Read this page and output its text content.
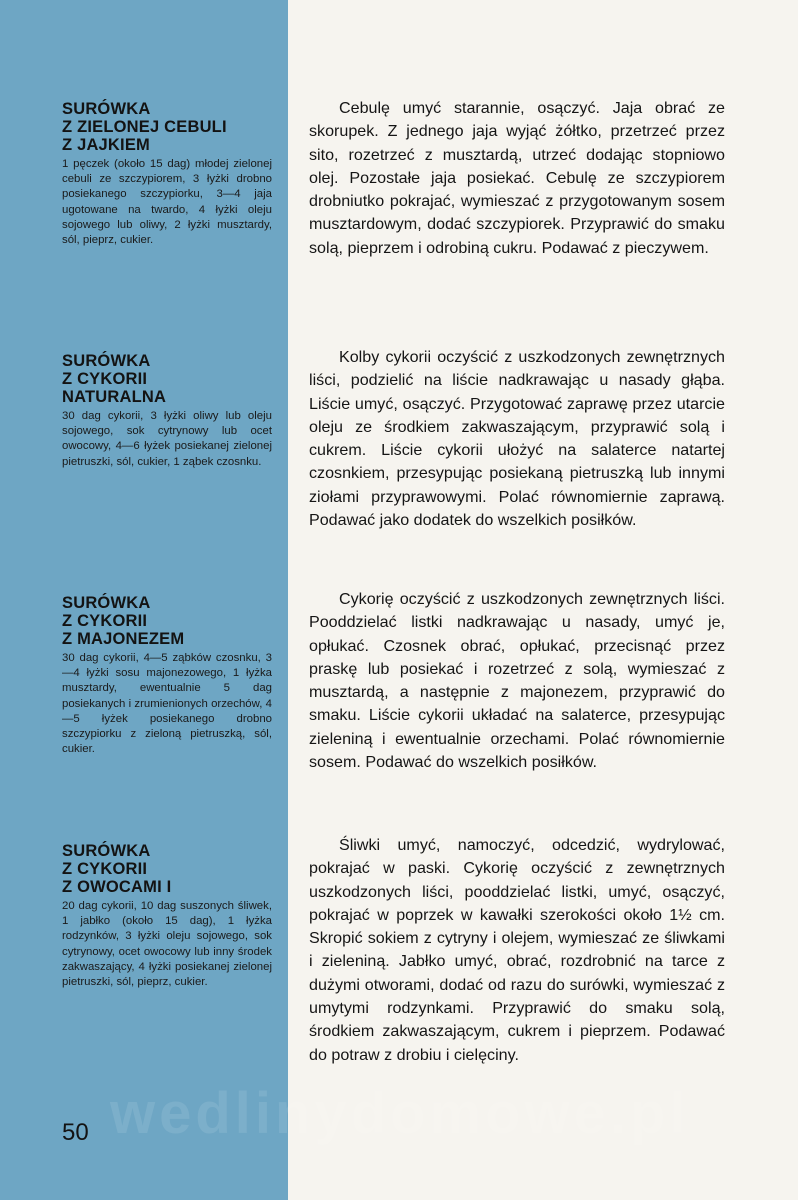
SURÓWKA
Z ZIELONEJ CEBULI
Z JAJKIEM

1 pęczek (około 15 dag) młodej zielonej cebuli ze szczypiorem, 3 łyżki drobno posiekanego szczypiorku, 3—4 jaja ugotowane na twardo, 4 łyżki oleju sojowego lub oliwy, 2 łyżki musztardy, sól, pieprz, cukier.

Cebulę umyć starannie, osączyć. Jaja obrać ze skorupek. Z jednego jaja wyjąć żółtko, przetrzeć przez sito, rozetrzeć z musztardą, utrzeć dodając stopniowo olej. Pozostałe jaja posiekać. Cebulę ze szczypiorem drobniutko pokrajać, wymieszać z przygotowanym sosem musztardowym, dodać szczypiorek. Przyprawić do smaku solą, pieprzem i odrobiną cukru. Podawać z pieczywem.

SURÓWKA
Z CYKORII
NATURALNA

30 dag cykorii, 3 łyżki oliwy lub oleju sojowego, sok cytrynowy lub ocet owocowy, 4—6 łyżek posiekanej zielonej pietruszki, sól, cukier, 1 ząbek czosnku.

Kolby cykorii oczyścić z uszkodzonych zewnętrznych liści, podzielić na liście nadkrawając u nasady głąba. Liście umyć, osączyć. Przygotować zaprawę przez utarcie oleju ze środkiem zakwaszającym, przyprawić solą i cukrem. Liście cykorii ułożyć na salaterce natartej czosnkiem, przesypując posiekaną pietruszką lub innymi ziołami przyprawowymi. Polać równomiernie zaprawą. Podawać jako dodatek do wszelkich posiłków.

SURÓWKA
Z CYKORII
Z MAJONEZEM

30 dag cykorii, 4—5 ząbków czosnku, 3—4 łyżki sosu majonezowego, 1 łyżka musztardy, ewentualnie 5 dag posiekanych i zrumienionych orzechów, 4—5 łyżek posiekanego drobno szczypiorku z zieloną pietruszką, sól, cukier.

Cykorię oczyścić z uszkodzonych zewnętrznych liści. Pooddzielać listki nadkrawając u nasady, umyć je, opłukać. Czosnek obrać, opłukać, przecisnąć przez praskę lub posiekać i rozetrzeć z solą, wymieszać z musztardą, a następnie z majonezem, przyprawić do smaku. Liście cykorii układać na salaterce, przesypując zieleniną i ewentualnie orzechami. Polać równomiernie sosem. Podawać do wszelkich posiłków.

SURÓWKA
Z CYKORII
Z OWOCAMI I

20 dag cykorii, 10 dag suszonych śliwek, 1 jabłko (około 15 dag), 1 łyżka rodzynków, 3 łyżki oleju sojowego, sok cytrynowy, ocet owocowy lub inny środek zakwaszający, 4 łyżki posiekanej zielonej pietruszki, sól, pieprz, cukier.

Śliwki umyć, namoczyć, odcedzić, wydrylować, pokrajać w paski. Cykorię oczyścić z zewnętrznych uszkodzonych liści, pooddzielać listki, umyć, osączyć, pokrajać w poprzek w kawałki szerokości około 1½ cm. Skropić sokiem z cytryny i olejem, wymieszać ze śliwkami i zieleniną. Jabłko umyć, obrać, rozdrobnić na tarce z dużymi otworami, dodać od razu do surówki, wymieszać z umytymi rodzynkami. Przyprawić do smaku solą, środkiem zakwaszającym, cukrem i pieprzem. Podawać do potraw z drobiu i cielęciny.

wedlinydomowe.pl

50
